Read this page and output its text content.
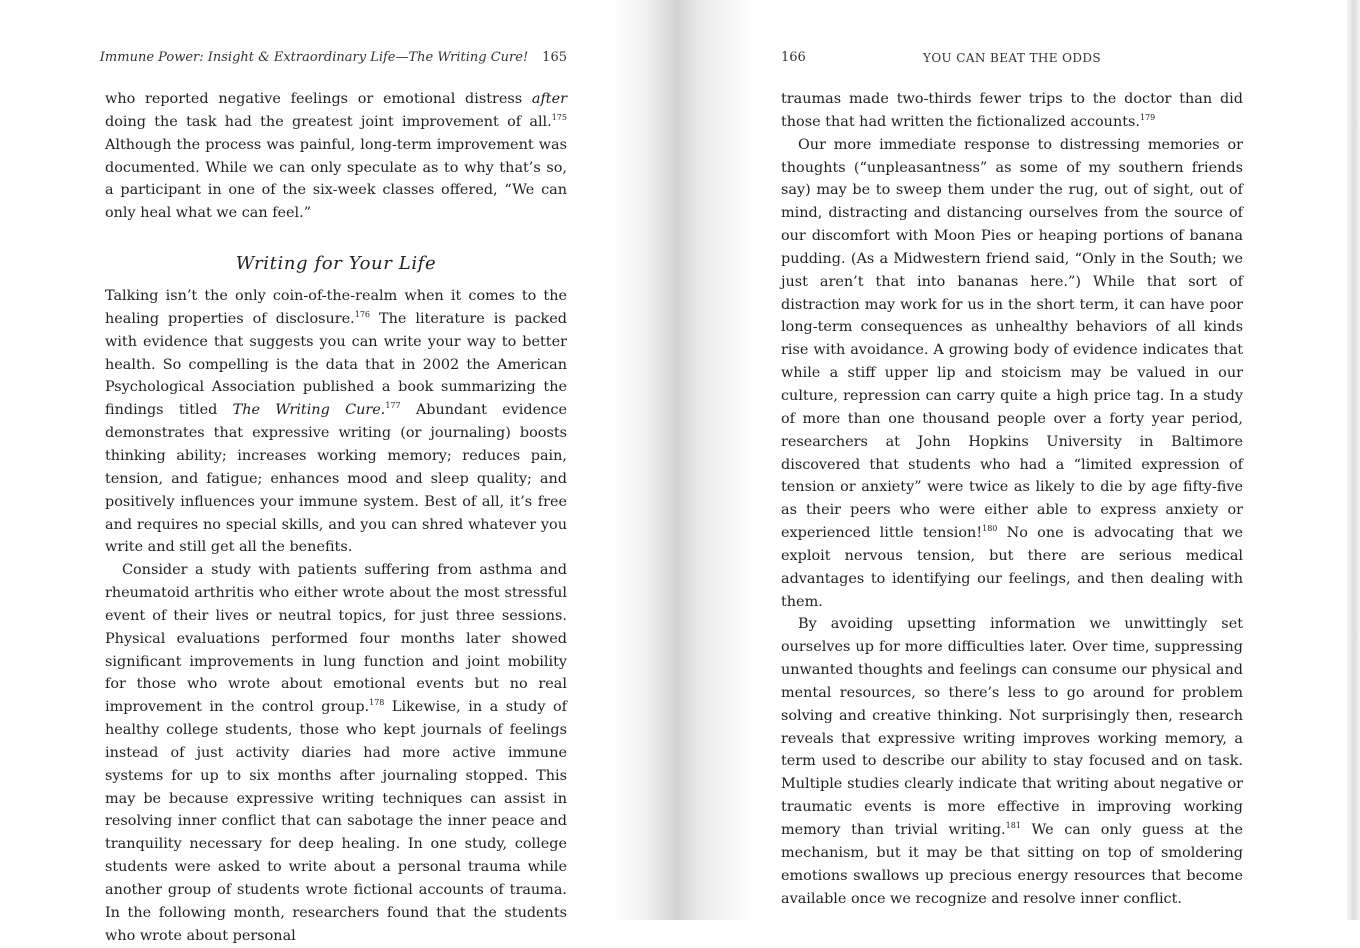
Immune Power: Insight & Extraordinary Life—The Writing Cure! 165

who reported negative feelings or emotional distress after doing the task had the greatest joint improvement of all.$^{175}$ Although the process was painful, long-term improvement was documented. While we can only speculate as to why that’s so, a participant in one of the six-week classes offered, “We can only heal what we can feel.”

Writing for Your Life

Talking isn’t the only coin-of-the-realm when it comes to the healing properties of disclosure.$^{176}$ The literature is packed with evidence that suggests you can write your way to better health. So compelling is the data that in 2002 the American Psychological Association published a book summarizing the findings titled The Writing Cure.$^{177}$ Abundant evidence demonstrates that expressive writing (or journaling) boosts thinking ability; increases working memory; reduces pain, tension, and fatigue; enhances mood and sleep quality; and positively influences your immune system. Best of all, it’s free and requires no special skills, and you can shred whatever you write and still get all the benefits.

Consider a study with patients suffering from asthma and rheumatoid arthritis who either wrote about the most stressful event of their lives or neutral topics, for just three sessions. Physical evaluations performed four months later showed significant improvements in lung function and joint mobility for those who wrote about emotional events but no real improvement in the control group.$^{178}$ Likewise, in a study of healthy college students, those who kept journals of feelings instead of just activity diaries had more active immune systems for up to six months after journaling stopped. This may be because expressive writing techniques can assist in resolving inner conflict that can sabotage the inner peace and tranquility necessary for deep healing. In one study, college students were asked to write about a personal trauma while another group of students wrote fictional accounts of trauma. In the following month, researchers found that the students who wrote about personal

166	YOU CAN BEAT THE ODDS

traumas made two-thirds fewer trips to the doctor than did those that had written the fictionalized accounts.$^{179}$

Our more immediate response to distressing memories or thoughts (“unpleasantness” as some of my southern friends say) may be to sweep them under the rug, out of sight, out of mind, distracting and distancing ourselves from the source of our discomfort with Moon Pies or heaping portions of banana pudding. (As a Midwestern friend said, “Only in the South; we just aren’t that into bananas here.”) While that sort of distraction may work for us in the short term, it can have poor long-term consequences as unhealthy behaviors of all kinds rise with avoidance. A growing body of evidence indicates that while a stiff upper lip and stoicism may be valued in our culture, repression can carry quite a high price tag. In a study of more than one thousand people over a forty year period, researchers at John Hopkins University in Baltimore discovered that students who had a “limited expression of tension or anxiety” were twice as likely to die by age fifty-five as their peers who were either able to express anxiety or experienced little tension!$^{180}$ No one is advocating that we exploit nervous tension, but there are serious medical advantages to identifying our feelings, and then dealing with them.

By avoiding upsetting information we unwittingly set ourselves up for more difficulties later. Over time, suppressing unwanted thoughts and feelings can consume our physical and mental resources, so there’s less to go around for problem solving and creative thinking. Not surprisingly then, research reveals that expressive writing improves working memory, a term used to describe our ability to stay focused and on task. Multiple studies clearly indicate that writing about negative or traumatic events is more effective in improving working memory than trivial writing.$^{181}$ We can only guess at the mechanism, but it may be that sitting on top of smoldering emotions swallows up precious energy resources that become available once we recognize and resolve inner conflict.
